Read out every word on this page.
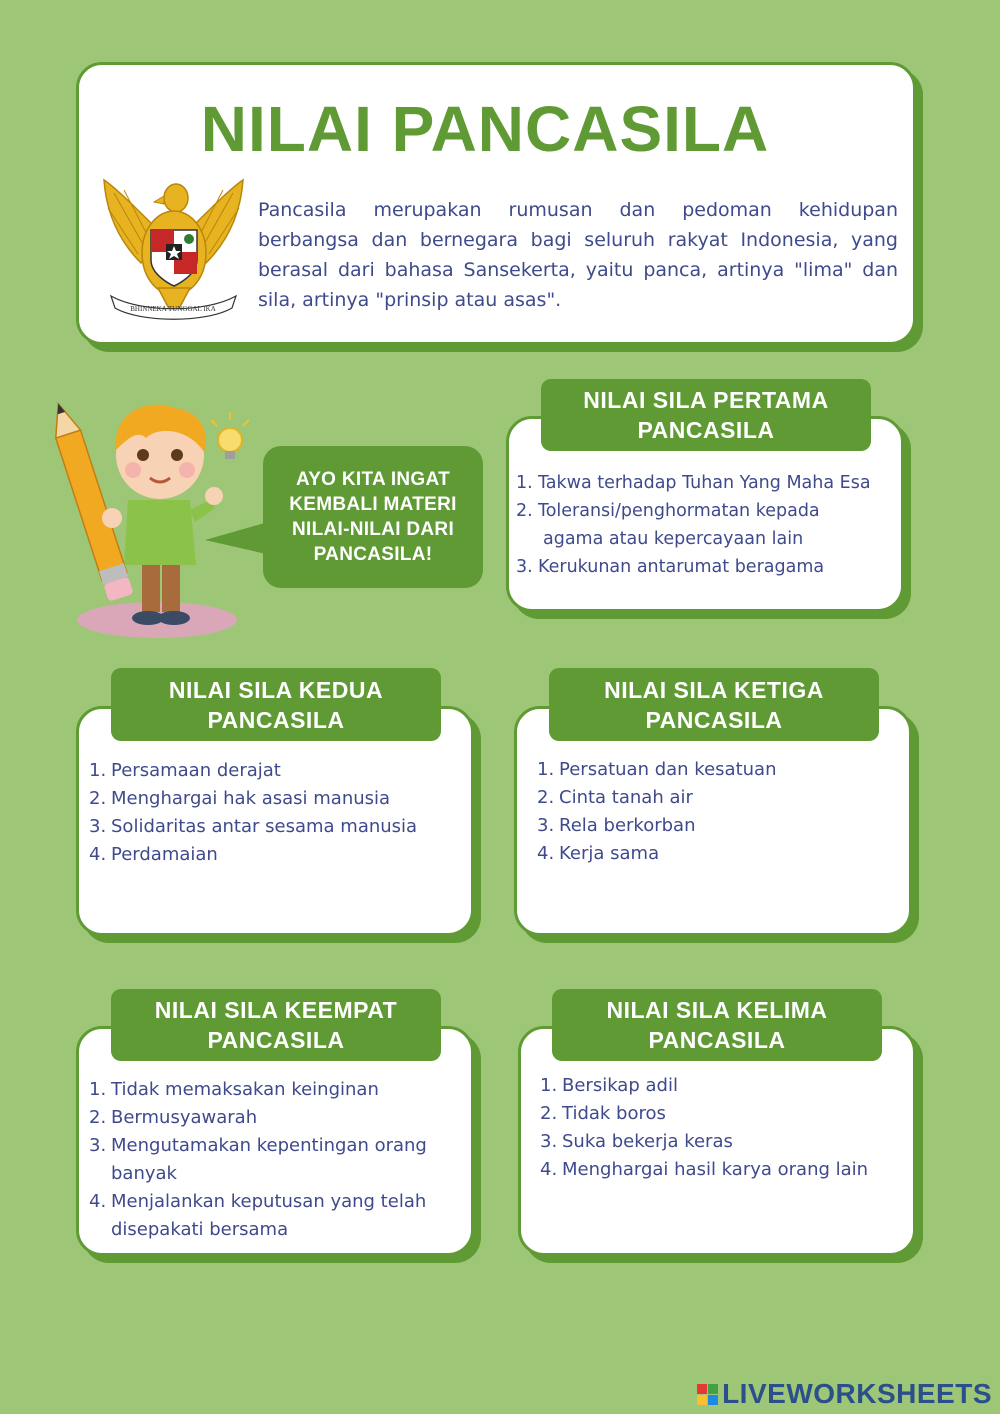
NILAI PANCASILA
BHINNEKA TUNGGAL IKA

Pancasila merupakan rumusan dan pedoman kehidupan berbangsa dan bernegara bagi seluruh rakyat Indonesia, yang berasal dari bahasa Sansekerta, yaitu panca, artinya "lima" dan sila, artinya "prinsip atau asas".

AYO KITA INGAT
KEMBALI MATERI
NILAI-NILAI DARI
PANCASILA!
NILAI SILA PERTAMA
PANCASILA
1. Takwa terhadap Tuhan Yang Maha Esa
2. Toleransi/penghormatan kepada
agama atau kepercayaan lain
3. Kerukunan antarumat beragama
NILAI SILA KEDUA
PANCASILA
1. Persamaan derajat
2. Menghargai hak asasi manusia
3. Solidaritas antar sesama manusia
4. Perdamaian
NILAI SILA KETIGA
PANCASILA
1. Persatuan dan kesatuan
2. Cinta tanah air
3. Rela berkorban
4. Kerja sama
NILAI SILA KEEMPAT
PANCASILA
1. Tidak memaksakan keinginan
2. Bermusyawarah
3. Mengutamakan kepentingan orang
banyak
4. Menjalankan keputusan yang telah
disepakati bersama
NILAI SILA KELIMA
PANCASILA
1. Bersikap adil
2. Tidak boros
3. Suka bekerja keras
4. Menghargai hasil karya orang lain
LIVEWORKSHEETS
